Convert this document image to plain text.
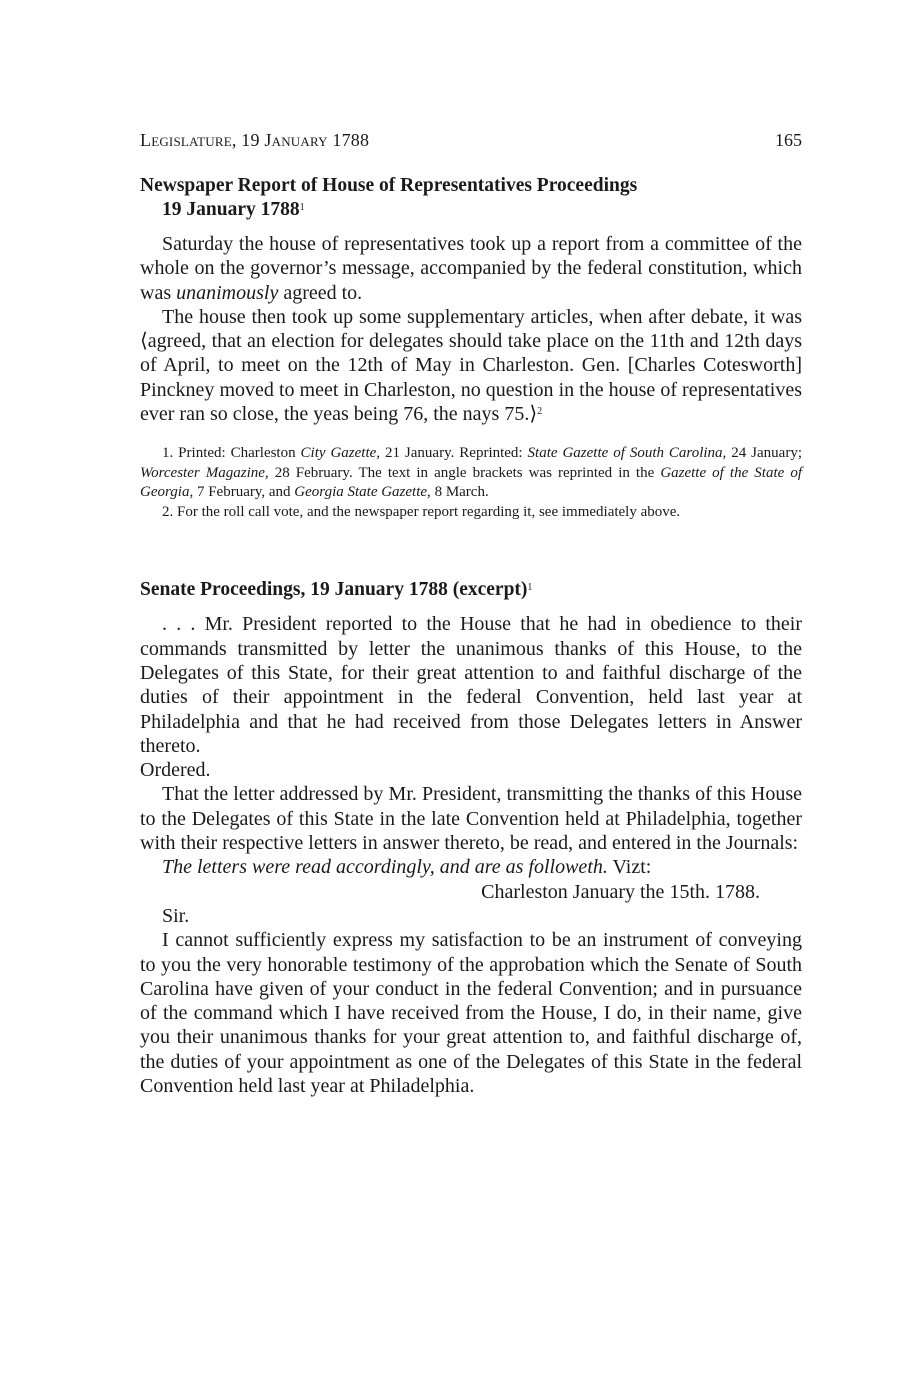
Legislature, 19 January 1788	165
Newspaper Report of House of Representatives Proceedings
19 January 1788$^1$

Saturday the house of representatives took up a report from a committee of the whole on the governor’s message, accompanied by the federal constitution, which was unanimously agreed to.

The house then took up some supplementary articles, when after debate, it was ⟨agreed, that an election for delegates should take place on the 11th and 12th days of April, to meet on the 12th of May in Charleston. Gen. [Charles Cotesworth] Pinckney moved to meet in Charleston, no question in the house of representatives ever ran so close, the yeas being 76, the nays 75.⟩$^2$

1. Printed: Charleston City Gazette, 21 January. Reprinted: State Gazette of South Carolina, 24 January; Worcester Magazine, 28 February. The text in angle brackets was reprinted in the Gazette of the State of Georgia, 7 February, and Georgia State Gazette, 8 March.

2. For the roll call vote, and the newspaper report regarding it, see immediately above.

Senate Proceedings, 19 January 1788 (excerpt)$^1$

. . . Mr. President reported to the House that he had in obedience to their commands transmitted by letter the unanimous thanks of this House, to the Delegates of this State, for their great attention to and faithful discharge of the duties of their appointment in the federal Convention, held last year at Philadelphia and that he had received from those Delegates letters in Answer thereto.

Ordered.

That the letter addressed by Mr. President, transmitting the thanks of this House to the Delegates of this State in the late Convention held at Philadelphia, together with their respective letters in answer thereto, be read, and entered in the Journals:

The letters were read accordingly, and are as followeth. Vizt:

Charleston January the 15th. 1788.

Sir.

I cannot sufficiently express my satisfaction to be an instrument of conveying to you the very honorable testimony of the approbation which the Senate of South Carolina have given of your conduct in the federal Convention; and in pursuance of the command which I have received from the House, I do, in their name, give you their unanimous thanks for your great attention to, and faithful discharge of, the duties of your appointment as one of the Delegates of this State in the federal Convention held last year at Philadelphia.
